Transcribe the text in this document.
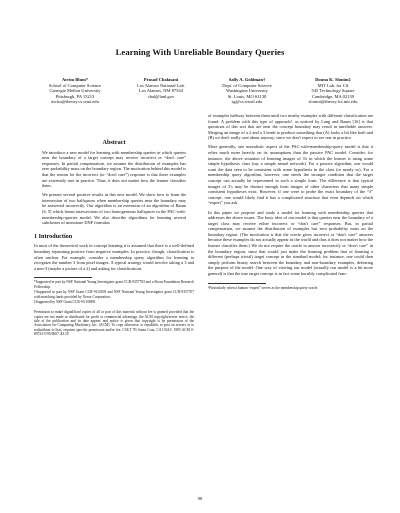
Learning With Unreliable Boundary Queries
Avrim Blum*
School of Computer Science
Carnegie Mellon University
Pittsburgh, PA 15213
avrim@theory.cs.cmu.edu
Prasad Chalasani
Los Alamos National Lab.
Los Alamos, NM 87544
chal@lanl.gov
Sally A. Goldman†
Dept. of Computer Science
Washington University
St. Louis, MO 63130
sg@cs.wustl.edu
Donna K. Slonim‡
MIT Lab. for CS
545 Technology Square
Cambridge, MA 02139
slonim@theory.lcs.mit.edu
Abstract

We introduce a new model for learning with membership queries in which queries near the boundary of a target concept may receive incorrect or “don't care” responses. In partial compensation, we assume the distribution of examples has zero probability mass on the boundary region. The motivation behind this model is that the reason for the incorrect (or “don't care”) response is that these examples are extremely rare in practice. Thus, it does not matter how the learner classifies them.

We present several positive results in this new model. We show how to learn the intersection of two halfspaces when membership queries near the boundary may be answered incorrectly. Our algorithm is an extension of an algorithm of Baum [6, 5] which learns intersections of two homogeneous halfspaces in the PAC-with-membership-queries model. We also describe algorithms for learning several subclasses of monotone DNF formulas.

1 Introduction

In most of the theoretical work in concept learning it is assumed that there is a well-defined boundary separating positive from negative examples. In practice, though, classification is often unclear. For example, consider a membership query algorithm for learning to recognize the number 3 from pixel images. A typical strategy would involve taking a 3 and a non-3 (maybe a picture of a 2) and asking for classifications

*Supported in part by NSF National Young Investigator grant CCR-9357793 and a Sloan Foundation Research Fellowship.

†Supported in part by NSF Grant CCR-9110108 and NSF National Young Investigator grant CCR-9357707 with matching funds provided by Xerox Corporation.

‡Supported by NSF Grant CCR-93-10888.

Permission to make digital/hard copies of all or part of this material without fee is granted provided that the copies are not made or distributed for profit or commercial advantage, the ACM copyright/server notice, the title of the publication and its date appear, and notice is given that copyright is by permission of the Association for Computing Machinery, Inc. (ACM). To copy otherwise, to republish, to post on servers or to redistribute to lists, requires specific permission and/or fee. COLT '95 Santa Cruz, CA USA© 1995 ACM 0-89723-5/95/0007..$3.50

of examples halfway between them until two nearby examples with different classification are found. A problem with this type of approach¹, as noticed by Lang and Baum [16] is that questions of this sort that are near the concept boundary may result in unreliable answers. Merging an image of a 2 and a 3 tends to produce something that (A) looks a bit like both and (B) we don't really care about anyway, since we don't expect to see one in practice.

More generally, one unrealistic aspect of the PAC-with-membership-query model is that it relies much more heavily on its assumptions than the passive PAC model. Consider, for instance, the above situation of learning images of 3's in which the learner is using some simple hypothesis class (say a simple neural network). For a passive algorithm, one would want the data seen to be consistent with some hypothesis in the class (or nearly so). For a membership query algorithm, however, one needs the stronger condition that the target concept can actually be represented in such a simple form. The difference is that typical images of 3's may be distinct enough from images of other characters that many simple consistent hypotheses exist. However, if one were to probe the exact boundary of the “3” concept, one would likely find it has a complicated structure that even depends on which “expert” you ask.

In this paper we propose and study a model for learning with membership queries that addresses the above issues. The basic idea of our model is that queries near the boundary of a target class may receive either incorrect or “don't care” responses. But, in partial compensation, we assume the distribution of examples has zero probability mass on the boundary region. (The motivation is that the oracle gives incorrect or “don't care” answers because these examples do not actually appear in the world and thus it does not matter how the learner classifies them.) We do not require the oracle to answer incorrectly or “don't care” in the boundary region, since that would just make the learning problem that of learning a different (perhaps trivial) target concept in the standard model; for instance, one could then simply perform binary search between the boundary and non-boundary examples, defeating the purpose of the model. One way of viewing our model (actually our model is a bit more general) is that the true target concept is in fact some horribly complicated func-

¹Particularly when a human “expert” serves as the membership query oracle.
98
